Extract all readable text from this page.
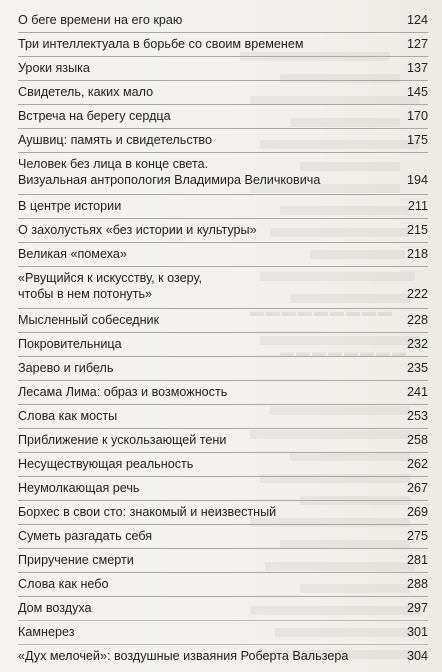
▬▬▬▬▬▬▬▬▬
▬▬▬▬▬▬▬▬
О беге времени на его краю	124
Три интеллектуала в борьбе со своим временем	127
Уроки языка	137
Свидетель, каких мало	145
Встреча на берегу сердца	170
Аушвиц: память и свидетельство	175
Человек без лица в конце света.
Визуальная антропология Владимира Величковича	194
В центре истории	211
О захолустьях «без истории и культуры»	215
Великая «помеха»	218
«Рвущийся к искусству, к озеру,
чтобы в нем потонуть»	222
Мысленный собеседник	228
Покровительница	232
Зарево и гибель	235
Лесама Лима: образ и возможность	241
Слова как мосты	253
Приближение к ускользающей тени	258
Несуществующая реальность	262
Неумолкающая речь	267
Борхес в свои сто: знакомый и неизвестный	269
Суметь разгадать себя	275
Приручение смерти	281
Слова как небо	288
Дом воздуха	297
Камнерез	301
«Дух мелочей»: воздушные изваяния Роберта Вальзера	304
